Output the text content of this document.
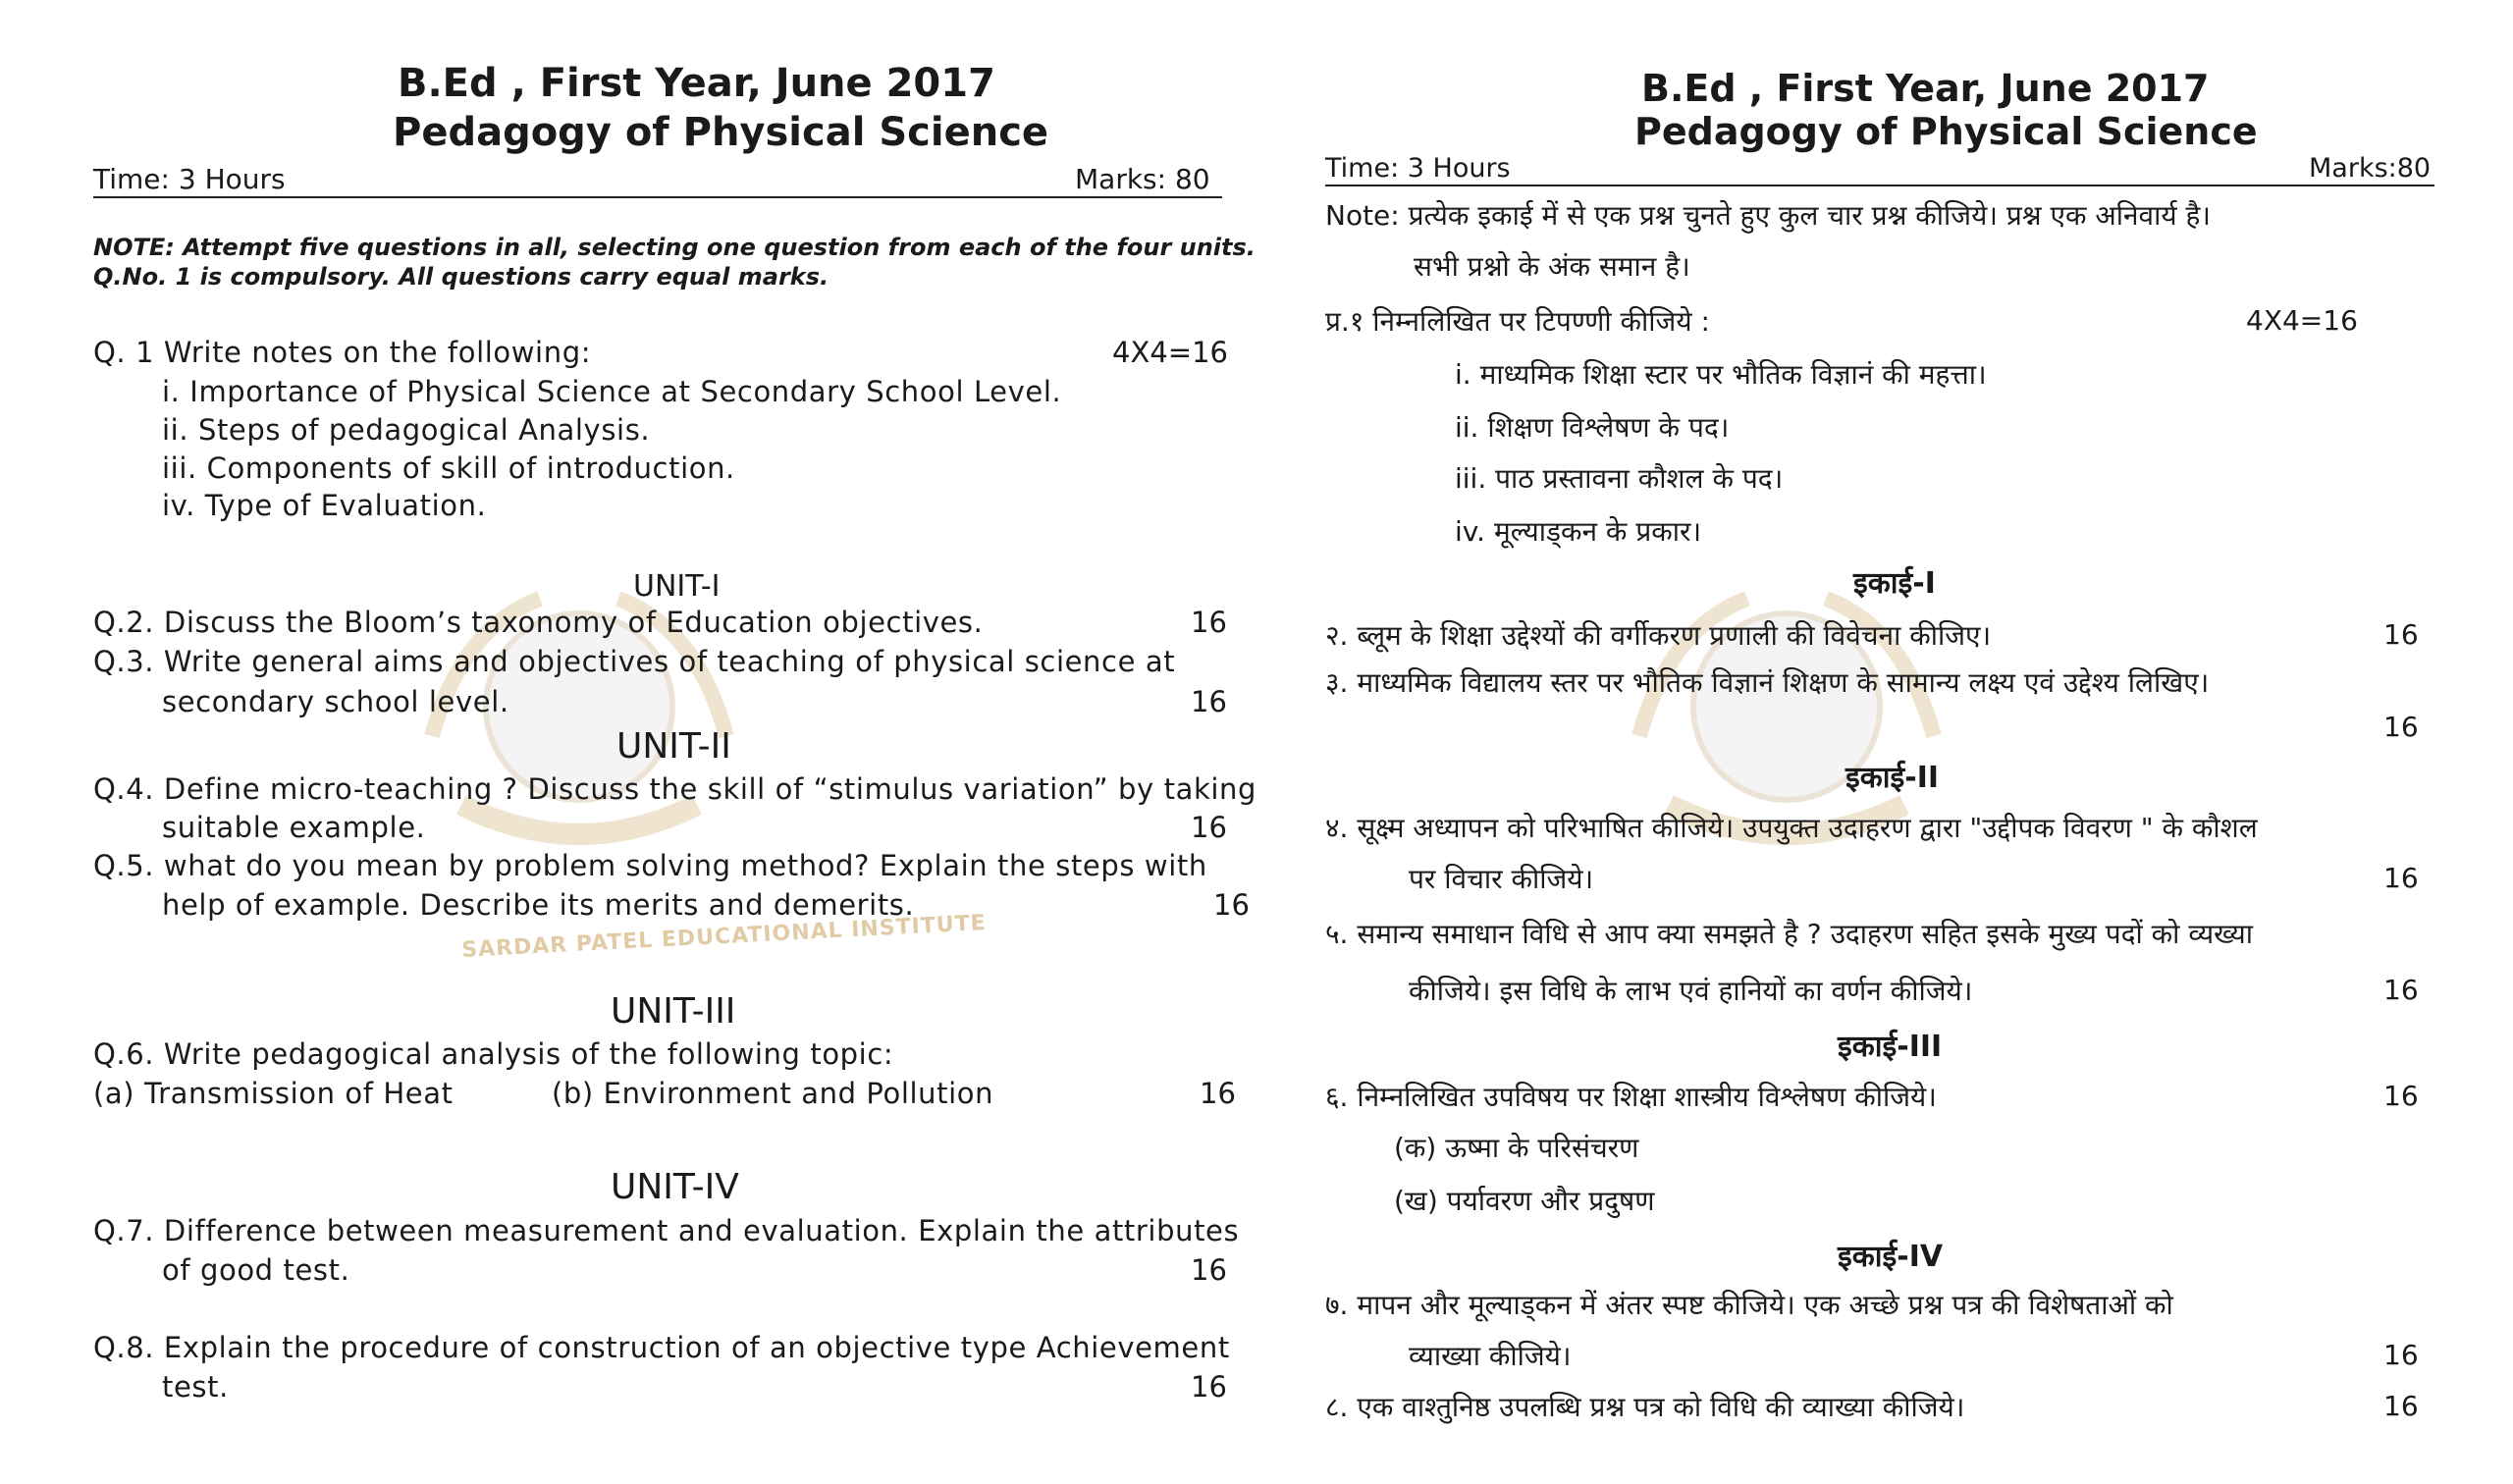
SARDAR PATEL EDUCATIONAL INSTITUTE
B.Ed , First Year, June 2017
Pedagogy of Physical Science
Time: 3 Hours	Marks: 80
NOTE: Attempt five questions in all, selecting one question from each of the four units.
Q.No. 1 is compulsory. All questions carry equal marks.
Q. 1 Write notes on the following:	4X4=16
i. Importance of Physical Science at Secondary School Level.
ii. Steps of pedagogical Analysis.
iii. Components of skill of introduction.
iv. Type of Evaluation.
UNIT-I
Q.2. Discuss the Bloom’s taxonomy of Education objectives.	16
Q.3. Write general aims and objectives of teaching of physical science at
secondary school level.	16
UNIT-II
Q.4. Define micro-teaching ? Discuss the skill of “stimulus variation” by taking
suitable example.	16
Q.5. what do you mean by problem solving method? Explain the steps with
help of example. Describe its merits and demerits.	16
UNIT-III
Q.6. Write pedagogical analysis of the following topic:
(a) Transmission of Heat	(b) Environment and Pollution	16
UNIT-IV
Q.7. Difference between measurement and evaluation. Explain the attributes
of good test.	16
Q.8. Explain the procedure of construction of an objective type Achievement
test.	16
B.Ed , First Year, June 2017
Pedagogy of Physical Science
Time: 3 Hours	Marks:80
Note: प्रत्येक इकाई में से एक प्रश्न चुनते हुए कुल चार प्रश्न कीजिये। प्रश्न एक अनिवार्य है।
सभी प्रश्नो के अंक समान है।
प्र.१ निम्नलिखित पर टिपण्णी कीजिये :	4X4=16
i. माध्यमिक शिक्षा स्टार पर भौतिक विज्ञानं की महत्ता।
ii. शिक्षण विश्लेषण के पद।
iii. पाठ प्रस्तावना कौशल के पद।
iv. मूल्याड्कन के प्रकार।
इकाई-I
२. ब्लूम के शिक्षा उद्देश्यों की वर्गीकरण प्रणाली की विवेचना कीजिए।	16
३. माध्यमिक विद्यालय स्तर पर भौतिक विज्ञानं शिक्षण के सामान्य लक्ष्य एवं उद्देश्य लिखिए।
16
इकाई-II
४. सूक्ष्म अध्यापन को परिभाषित कीजिये। उपयुक्त उदाहरण द्वारा "उद्दीपक विवरण " के कौशल
पर विचार कीजिये।	16
५. समान्य समाधान विधि से आप क्या समझते है ? उदाहरण सहित इसके मुख्य पदों को व्यख्या
कीजिये। इस विधि के लाभ एवं हानियों का वर्णन कीजिये।	16
इकाई-III
६. निम्नलिखित उपविषय पर शिक्षा शास्त्रीय विश्लेषण कीजिये।	16
(क) ऊष्मा के परिसंचरण
(ख) पर्यावरण और प्रदुषण
इकाई-IV
७. मापन और मूल्याड्कन में अंतर स्पष्ट कीजिये। एक अच्छे प्रश्न पत्र की विशेषताओं को
व्याख्या कीजिये।	16
८. एक वाश्तुनिष्ठ उपलब्धि प्रश्न पत्र को विधि की व्याख्या कीजिये।	16
